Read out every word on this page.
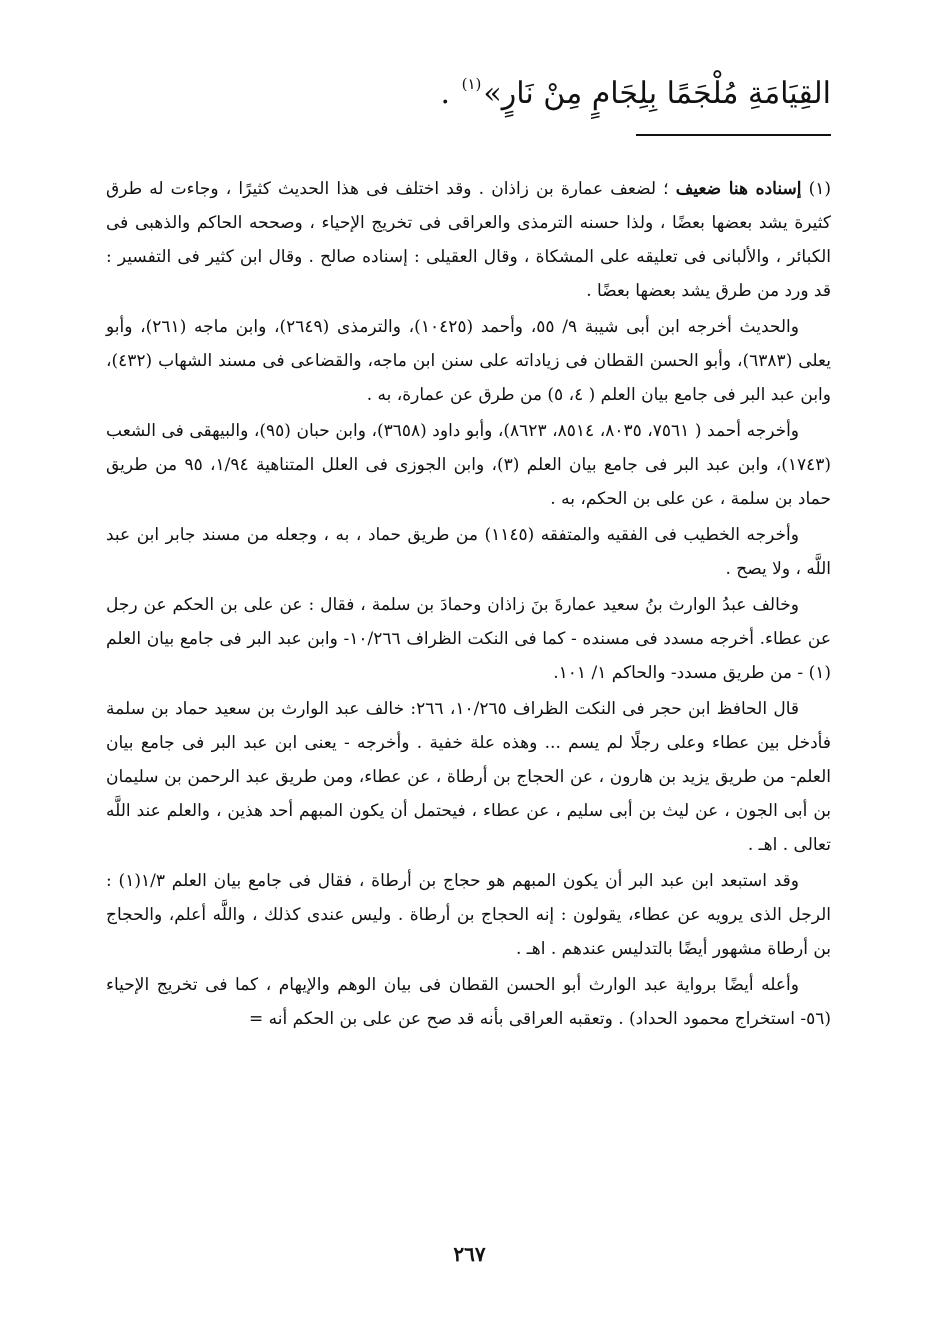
القِيَامَةِ مُلْجَمًا بِلِجَامٍ مِنْ نَارٍ»$^{(١)}$ .

(١) إسناده هنا ضعيف ؛ لضعف عمارة بن زاذان . وقد اختلف فى هذا الحديث كثيرًا ، وجاءت له طرق كثيرة يشد بعضها بعضًا ، ولذا حسنه الترمذى والعراقى فى تخريج الإحياء ، وصححه الحاكم والذهبى فى الكبائر ، والألبانى فى تعليقه على المشكاة ، وقال العقيلى : إسناده صالح . وقال ابن كثير فى التفسير : قد ورد من طرق يشد بعضها بعضًا .

والحديث أخرجه ابن أبى شيبة ٩/ ٥٥، وأحمد (١٠٤٢٥)، والترمذى (٢٦٤٩)، وابن ماجه (٢٦١)، وأبو يعلى (٦٣٨٣)، وأبو الحسن القطان فى زياداته على سنن ابن ماجه، والقضاعى فى مسند الشهاب (٤٣٢)، وابن عبد البر فى جامع بيان العلم ( ٤، ٥) من طرق عن عمارة، به .

وأخرجه أحمد ( ٧٥٦١، ٨٠٣٥، ٨٥١٤، ٨٦٢٣)، وأبو داود (٣٦٥٨)، وابن حبان (٩٥)، والبيهقى فى الشعب (١٧٤٣)، وابن عبد البر فى جامع بيان العلم (٣)، وابن الجوزى فى العلل المتناهية ١/٩٤، ٩٥ من طريق حماد بن سلمة ، عن على بن الحكم، به .

وأخرجه الخطيب فى الفقيه والمتفقه (١١٤٥) من طريق حماد ، به ، وجعله من مسند جابر ابن عبد اللَّه ، ولا يصح .

وخالف عبدُ الوارث بنُ سعيد عمارةَ بنَ زاذان وحمادَ بن سلمة ، فقال : عن على بن الحكم عن رجل عن عطاء. أخرجه مسدد فى مسنده - كما فى النكت الظراف ١٠/٢٦٦- وابن عبد البر فى جامع بيان العلم (١) - من طريق مسدد- والحاكم ١/ ١٠١.

قال الحافظ ابن حجر فى النكت الظراف ١٠/٢٦٥، ٢٦٦: خالف عبد الوارث بن سعيد حماد بن سلمة فأدخل بين عطاء وعلى رجلًا لم يسم ... وهذه علة خفية . وأخرجه - يعنى ابن عبد البر فى جامع بيان العلم- من طريق يزيد بن هارون ، عن الحجاج بن أرطاة ، عن عطاء، ومن طريق عبد الرحمن بن سليمان بن أبى الجون ، عن ليث بن أبى سليم ، عن عطاء ، فيحتمل أن يكون المبهم أحد هذين ، والعلم عند اللَّه تعالى . اهـ .

وقد استبعد ابن عبد البر أن يكون المبهم هو حجاج بن أرطاة ، فقال فى جامع بيان العلم ١/٣(١) : الرجل الذى يرويه عن عطاء، يقولون : إنه الحجاج بن أرطاة . وليس عندى كذلك ، واللَّه أعلم، والحجاج بن أرطاة مشهور أيضًا بالتدليس عندهم . اهـ .

وأعله أيضًا برواية عبد الوارث أبو الحسن القطان فى بيان الوهم والإيهام ، كما فى تخريج الإحياء (٥٦- استخراج محمود الحداد) . وتعقبه العراقى بأنه قد صح عن على بن الحكم أنه =

٢٦٧
